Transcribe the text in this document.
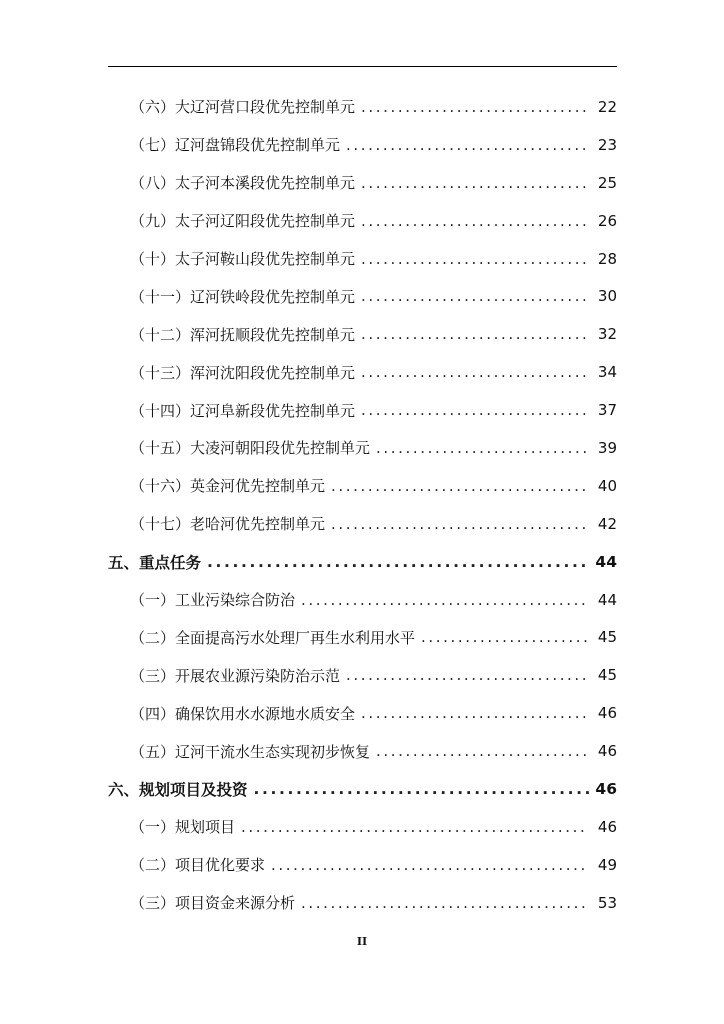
（六）大辽河营口段优先控制单元 .....	22
（七）辽河盘锦段优先控制单元 .....	23
（八）太子河本溪段优先控制单元 .....	25
（九）太子河辽阳段优先控制单元 .....	26
（十）太子河鞍山段优先控制单元 .....	28
（十一）辽河铁岭段优先控制单元 .....	30
（十二）浑河抚顺段优先控制单元 .....	32
（十三）浑河沈阳段优先控制单元 .....	34
（十四）辽河阜新段优先控制单元 .....	37
（十五）大凌河朝阳段优先控制单元 .....	39
（十六）英金河优先控制单元 .....	40
（十七）老哈河优先控制单元 .....	42
五、重点任务 .....	44
（一）工业污染综合防治 .....	44
（二）全面提高污水处理厂再生水利用水平 .....	45
（三）开展农业源污染防治示范 .....	45
（四）确保饮用水水源地水质安全 .....	46
（五）辽河干流水生态实现初步恢复 .....	46
六、规划项目及投资 .....	46
（一）规划项目 .....	46
（二）项目优化要求 .....	49
（三）项目资金来源分析 .....	53
II
